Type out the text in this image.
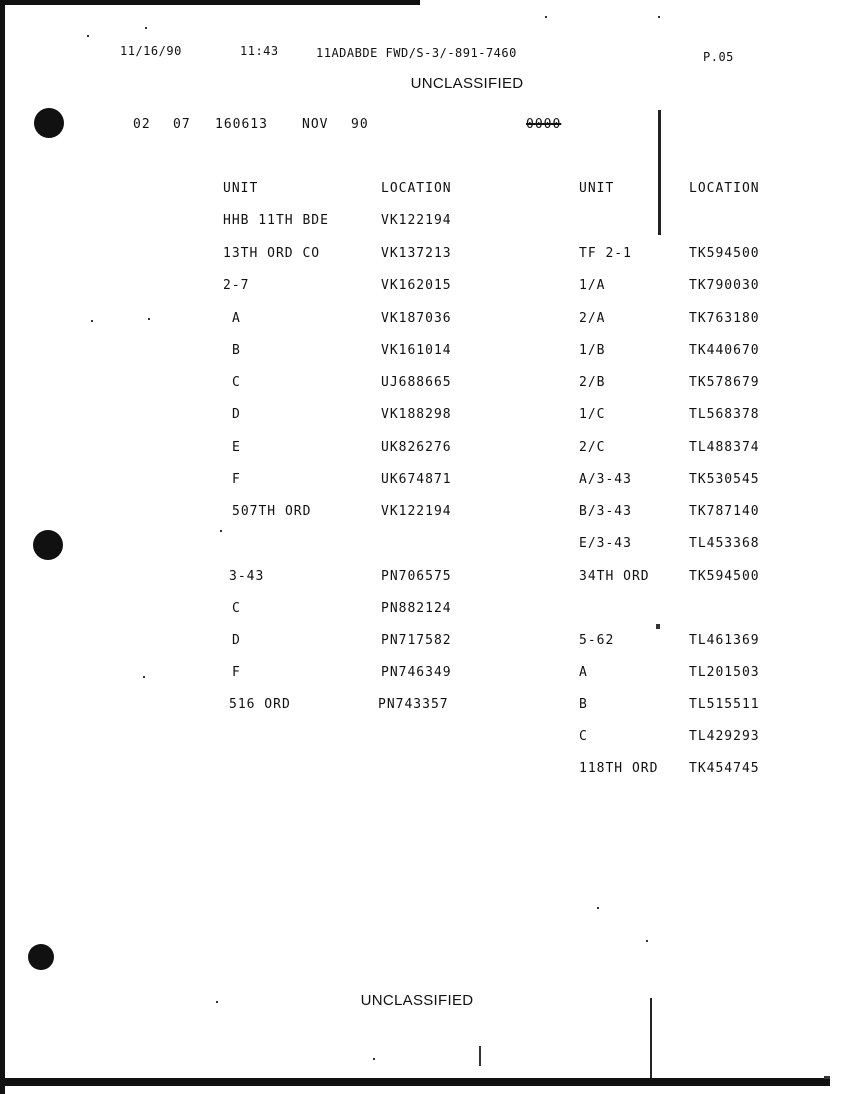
11/16/90	11:43	11ADABDE FWD/S-3/-891-7460	P.05
UNCLASSIFIED
02 07 160613	NOV 90	0000
UNIT	LOCATION
HHB 11TH BDE	VK122194
13TH ORD CO	VK137213
2-7	VK162015
A	VK187036
B	VK161014
C	UJ688665
D	VK188298
E	UK826276
F	UK674871
507TH ORD	VK122194
3-43	PN706575
C	PN882124
D	PN717582
F	PN746349
516 ORD	PN743357
UNIT	LOCATION
TF 2-1	TK594500
1/A	TK790030
2/A	TK763180
1/B	TK440670
2/B	TK578679
1/C	TL568378
2/C	TL488374
A/3-43	TK530545
B/3-43	TK787140
E/3-43	TL453368
34TH ORD	TK594500
5-62	TL461369
A	TL201503
B	TL515511
C	TL429293
118TH ORD TK454745
UNCLASSIFIED
